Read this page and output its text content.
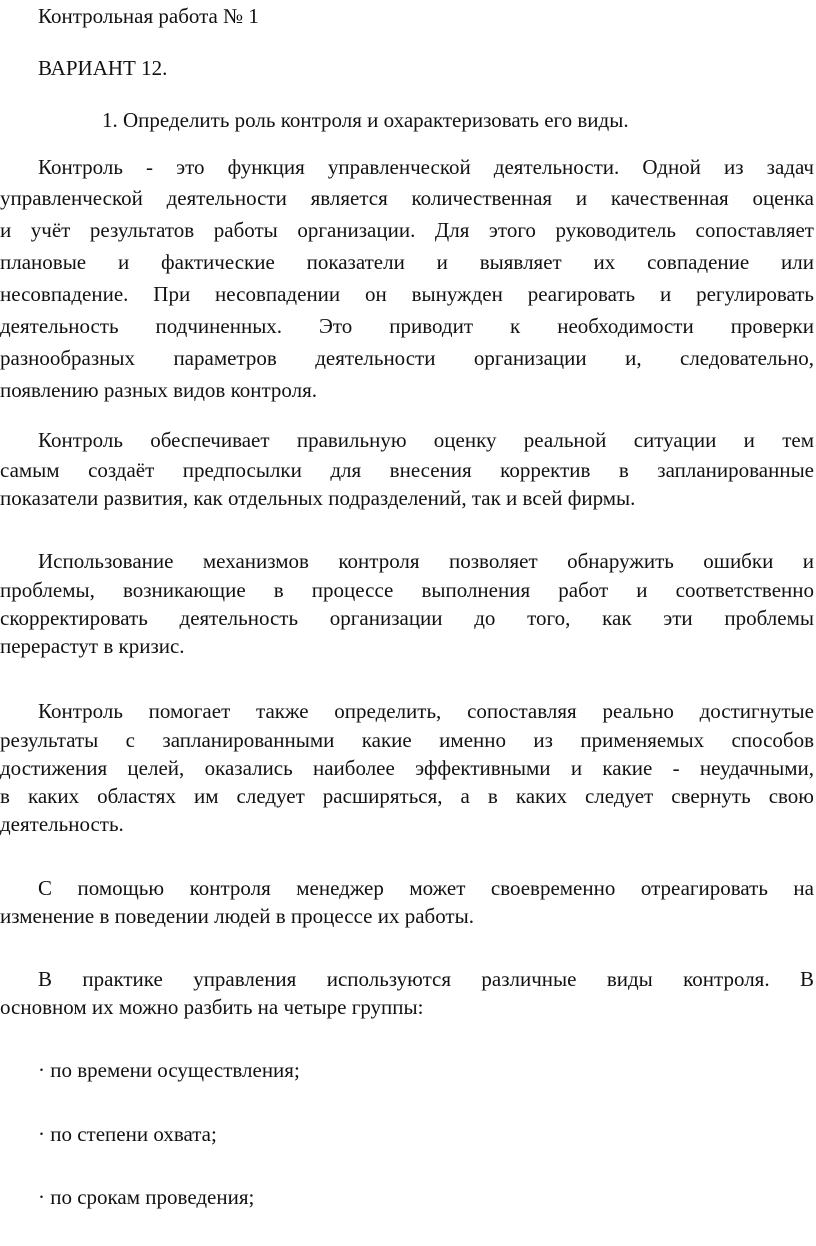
Контрольная работа № 1
ВАРИАНТ 12.
1. Определить роль контроля и охарактеризовать его виды.
Контроль - это функция управленческой деятельности. Одной из задач
управленческой деятельности является количественная и качественная оценка
и учёт результатов работы организации. Для этого руководитель сопоставляет
плановые и фактические показатели и выявляет их совпадение или
несовпадение. При несовпадении он вынужден реагировать и регулировать
деятельность подчиненных. Это приводит к необходимости проверки
разнообразных параметров деятельности организации и, следовательно,
появлению разных видов контроля.
Контроль обеспечивает правильную оценку реальной ситуации и тем
самым создаёт предпосылки для внесения корректив в запланированные
показатели развития, как отдельных подразделений, так и всей фирмы.
Использование механизмов контроля позволяет обнаружить ошибки и
проблемы, возникающие в процессе выполнения работ и соответственно
скорректировать деятельность организации до того, как эти проблемы
перерастут в кризис.
Контроль помогает также определить, сопоставляя реально достигнутые
результаты с запланированными какие именно из применяемых способов
достижения целей, оказались наиболее эффективными и какие - неудачными,
в каких областях им следует расширяться, а в каких следует свернуть свою
деятельность.
С помощью контроля менеджер может своевременно отреагировать на
изменение в поведении людей в процессе их работы.
В практике управления используются различные виды контроля. В
основном их можно разбить на четыре группы:
· по времени осуществления;
· по степени охвата;
· по срокам проведения;
